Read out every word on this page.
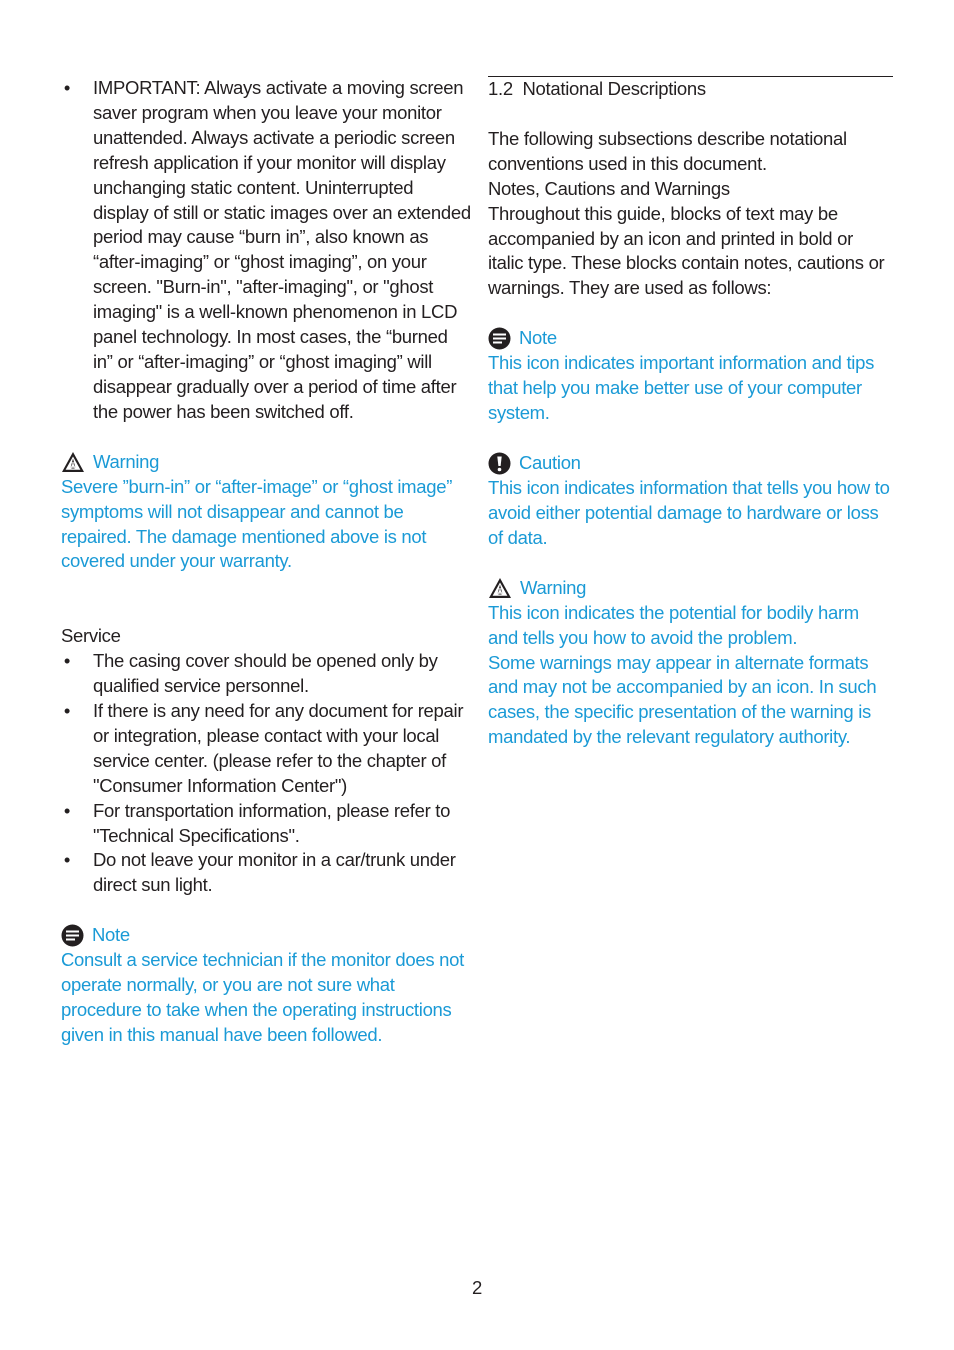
• IMPORTANT: Always activate a moving screen saver program when you leave your monitor unattended. Always activate a periodic screen refresh application if your monitor will display unchanging static content. Uninterrupted display of still or static images over an extended period may cause “burn in”, also known as “after-imaging” or “ghost imaging”, on your screen. "Burn-in", "after-imaging", or "ghost imaging" is a well-known phenomenon in LCD panel technology. In most cases, the “burned in” or “after-imaging” or “ghost imaging” will disappear gradually over a period of time after the power has been switched off.
Warning

Severe ”burn-in” or “after-image” or “ghost image” symptoms will not disappear and cannot be repaired. The damage mentioned above is not covered under your warranty.

Service

• The casing cover should be opened only by qualified service personnel.
• If there is any need for any document for repair or integration, please contact with your local service center. (please refer to the chapter of "Consumer Information Center")
• For transportation information, please refer to "Technical Specifications".
• Do not leave your monitor in a car/trunk under direct sun light.
Note

Consult a service technician if the monitor does not operate normally, or you are not sure what procedure to take when the operating instructions given in this manual have been followed.

1.2  Notational Descriptions

The following subsections describe notational conventions used in this document.

Notes, Cautions and Warnings

Throughout this guide, blocks of text may be accompanied by an icon and printed in bold or italic type. These blocks contain notes, cautions or warnings. They are used as follows:

Note

This icon indicates important information and tips that help you make better use of your computer system.

Caution

This icon indicates information that tells you how to avoid either potential damage to hardware or loss of data.

Warning

This icon indicates the potential for bodily harm and tells you how to avoid the problem.

Some warnings may appear in alternate formats and may not be accompanied by an icon. In such cases, the specific presentation of the warning is mandated by the relevant regulatory authority.

2
